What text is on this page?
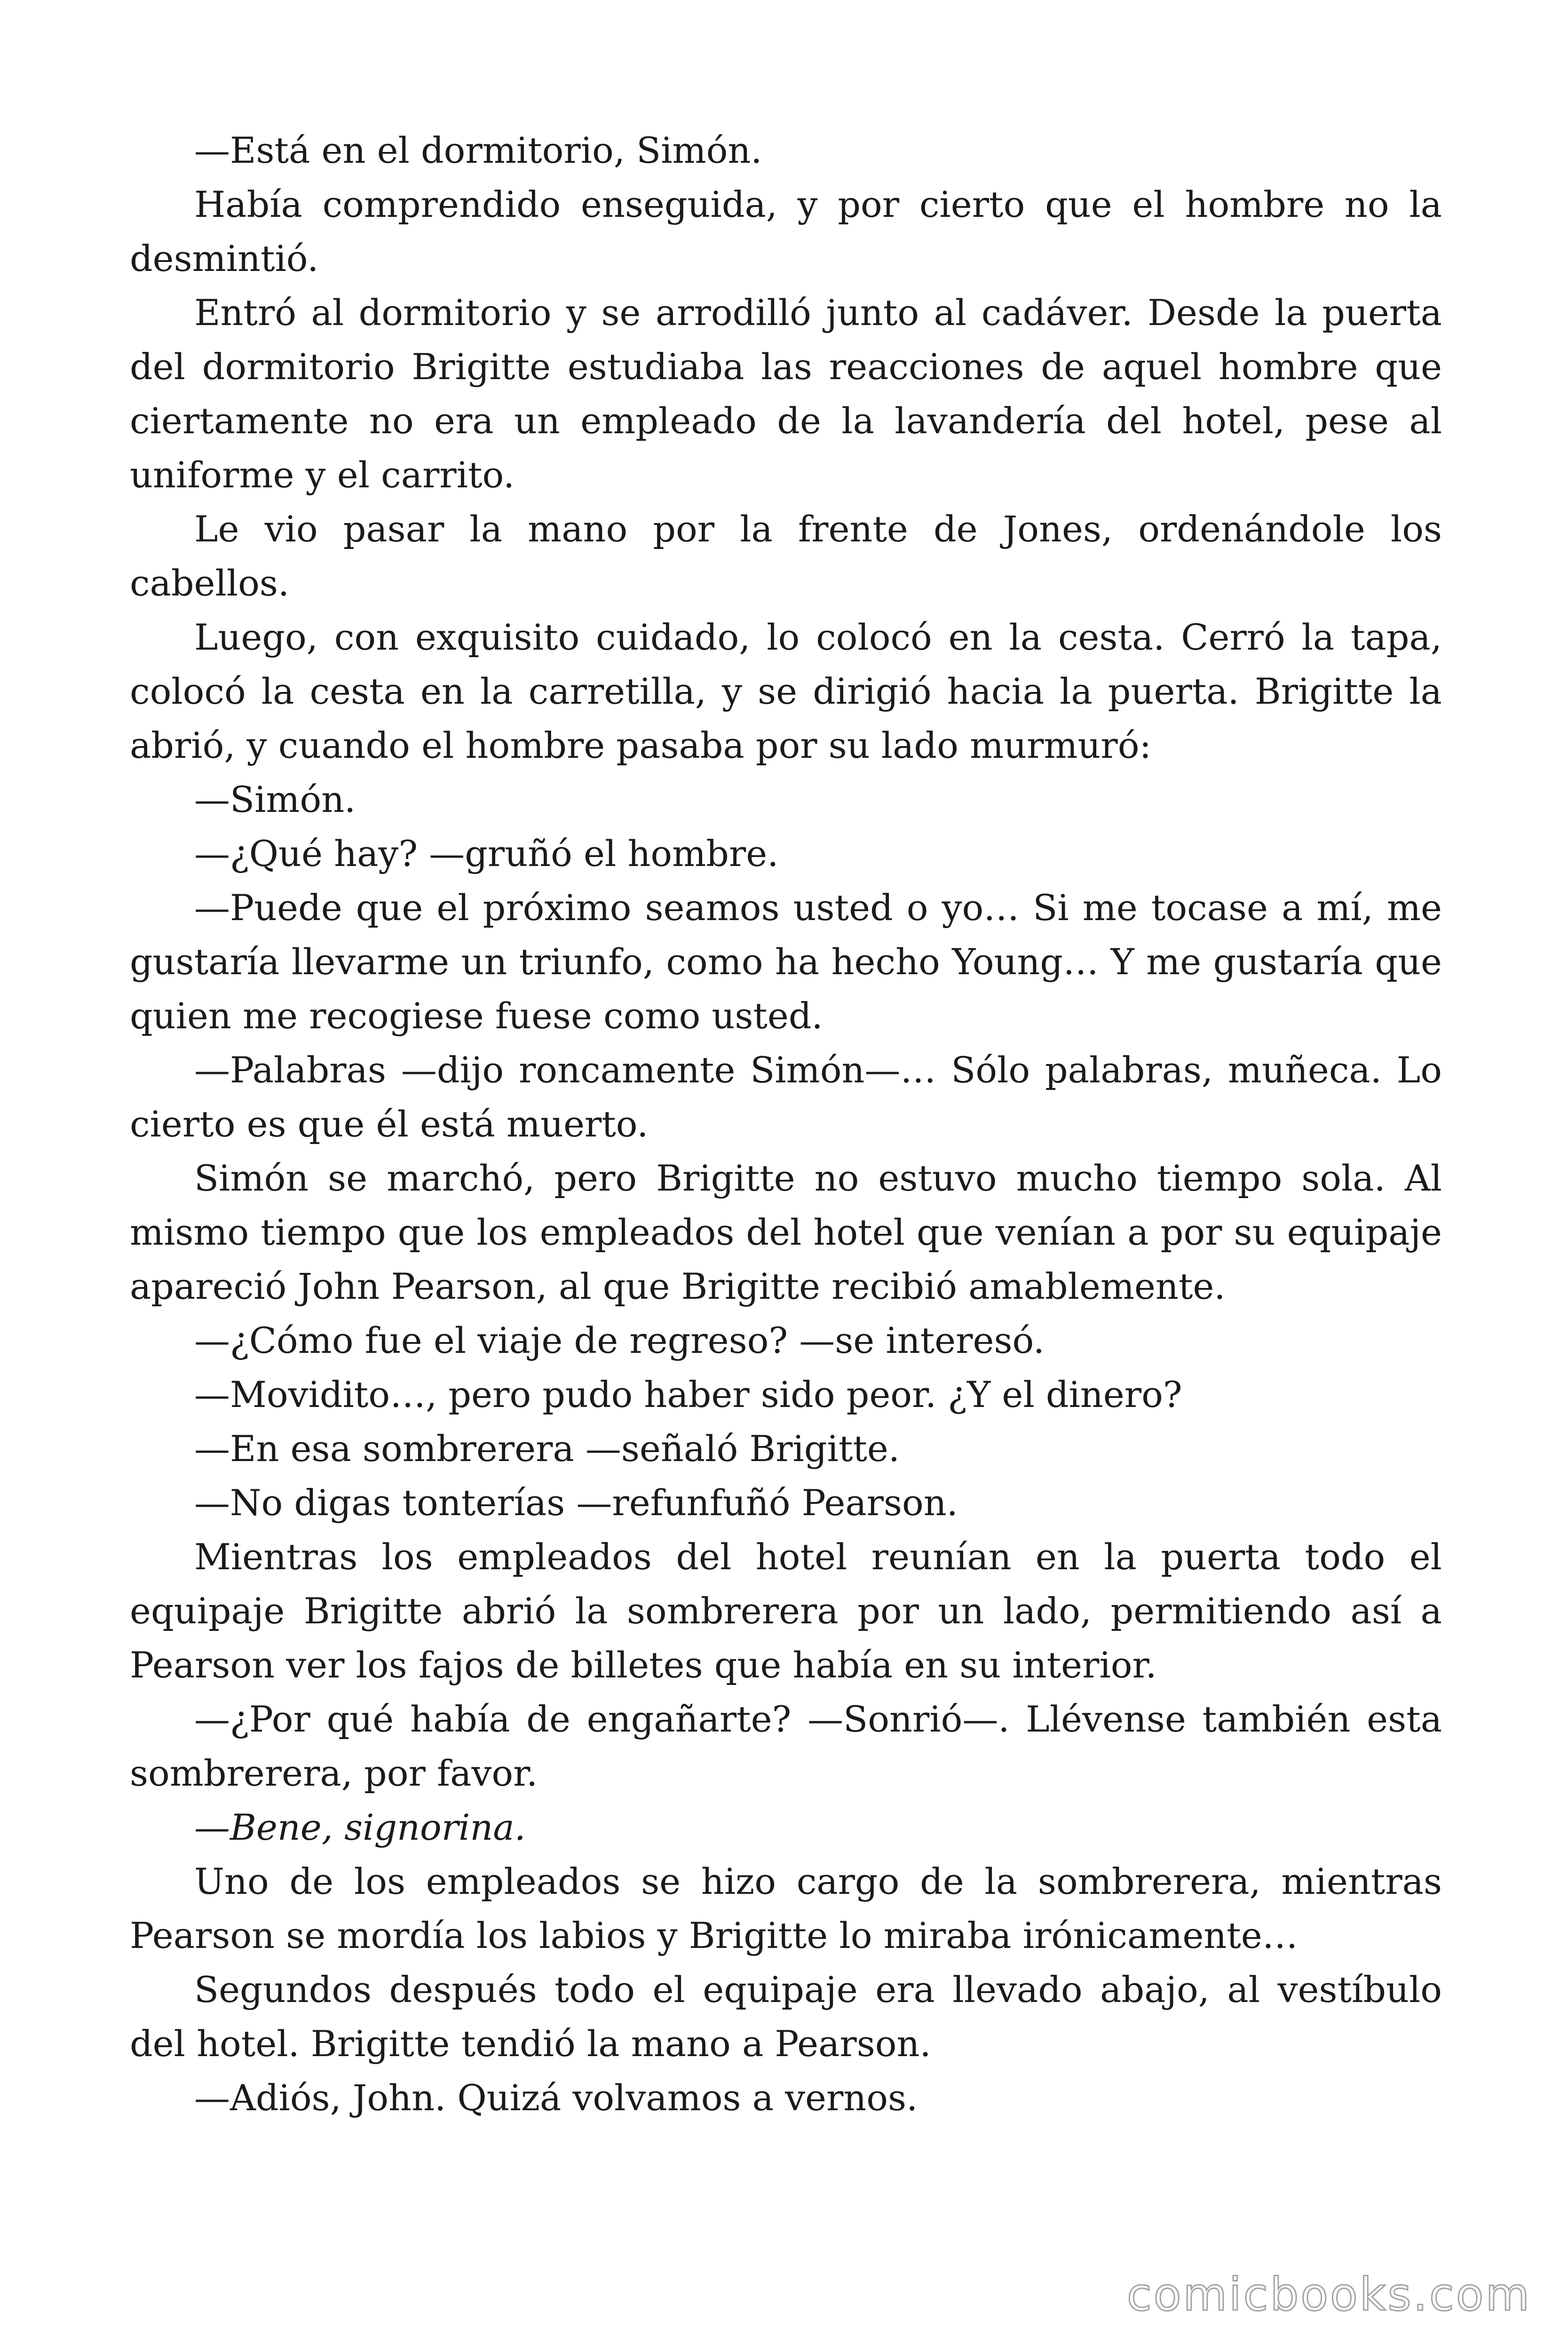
—Está en el dormitorio, Simón.

Había comprendido enseguida, y por cierto que el hombre no la desmintió.

Entró al dormitorio y se arrodilló junto al cadáver. Desde la puerta del dormitorio Brigitte estudiaba las reacciones de aquel hombre que ciertamente no era un empleado de la lavandería del hotel, pese al uniforme y el carrito.

Le vio pasar la mano por la frente de Jones, ordenándole los cabellos.

Luego, con exquisito cuidado, lo colocó en la cesta. Cerró la tapa, colocó la cesta en la carretilla, y se dirigió hacia la puerta. Brigitte la abrió, y cuando el hombre pasaba por su lado murmuró:

—Simón.

—¿Qué hay? —gruñó el hombre.

—Puede que el próximo seamos usted o yo… Si me tocase a mí, me gustaría llevarme un triunfo, como ha hecho Young… Y me gustaría que quien me recogiese fuese como usted.

—Palabras —dijo roncamente Simón—… Sólo palabras, muñeca. Lo cierto es que él está muerto.

Simón se marchó, pero Brigitte no estuvo mucho tiempo sola. Al mismo tiempo que los empleados del hotel que venían a por su equipaje apareció John Pearson, al que Brigitte recibió amablemente.

—¿Cómo fue el viaje de regreso? —se interesó.

—Movidito…, pero pudo haber sido peor. ¿Y el dinero?

—En esa sombrerera —señaló Brigitte.

—No digas tonterías —refunfuñó Pearson.

Mientras los empleados del hotel reunían en la puerta todo el equipaje Brigitte abrió la sombrerera por un lado, permitiendo así a Pearson ver los fajos de billetes que había en su interior.

—¿Por qué había de engañarte? —Sonrió—. Llévense también esta sombrerera, por favor.

—Bene, signorina.

Uno de los empleados se hizo cargo de la sombrerera, mientras Pearson se mordía los labios y Brigitte lo miraba irónicamente…

Segundos después todo el equipaje era llevado abajo, al vestíbulo del hotel. Brigitte tendió la mano a Pearson.

—Adiós, John. Quizá volvamos a vernos.

comicbooks.com
